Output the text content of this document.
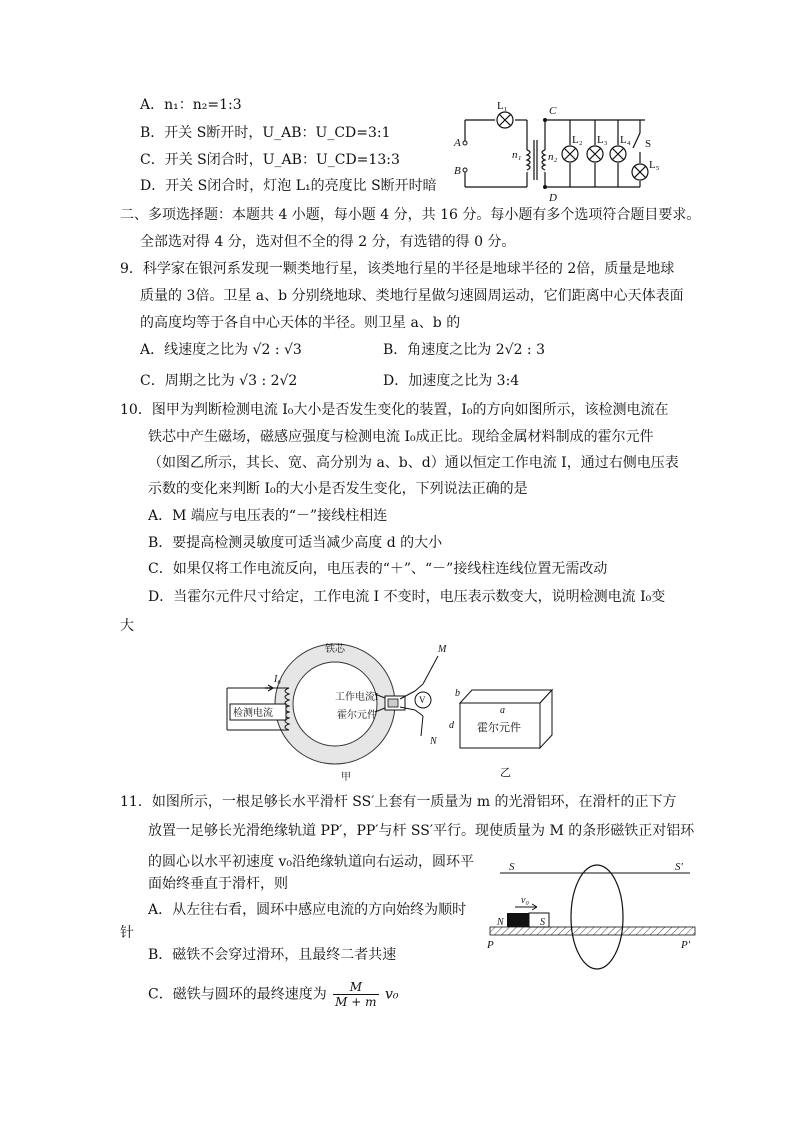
A．n₁：n₂=1:3
B．开关 S断开时，U_AB：U_CD=3:1
C．开关 S闭合时，U_AB：U_CD=13:3
D．开关 S闭合时，灯泡 L₁的亮度比 S断开时暗
L₁
A
B
C
D
n₁ n₂
L₂ L₃ L₄ S
L₅
二、多项选择题：本题共 4 小题，每小题 4 分，共 16 分。每小题有多个选项符合题目要求。
全部选对得 4 分，选对但不全的得 2 分，有选错的得 0 分。
9．科学家在银河系发现一颗类地行星，该类地行星的半径是地球半径的 2倍，质量是地球
质量的 3倍。卫星 a、b 分别绕地球、类地行星做匀速圆周运动，它们距离中心天体表面
的高度均等于各自中心天体的半径。则卫星 a、b 的
A．线速度之比为 √2 : √3	B．角速度之比为 2√2 : 3
C．周期之比为 √3 : 2√2	D．加速度之比为 3:4
10．图甲为判断检测电流 I₀大小是否发生变化的装置，I₀的方向如图所示，该检测电流在
铁芯中产生磁场，磁感应强度与检测电流 I₀成正比。现给金属材料制成的霍尔元件
（如图乙所示，其长、宽、高分别为 a、b、d）通以恒定工作电流 I，通过右侧电压表
示数的变化来判断 I₀的大小是否发生变化，下列说法正确的是
A．M 端应与电压表的“－”接线柱相连
B．要提高检测灵敏度可适当减少高度 d 的大小
C．如果仅将工作电流反向，电压表的“＋”、“－”接线柱连线位置无需改动
D．当霍尔元件尺寸给定，工作电流 I 不变时，电压表示数变大，说明检测电流 I₀变
大
铁芯
I₀
检测电流
工作电流I
霍尔元件
V
M
N
甲
a
b
d 霍尔元件
乙
11．如图所示，一根足够长水平滑杆 SS′上套有一质量为 m 的光滑铝环，在滑杆的正下方
放置一足够长光滑绝缘轨道 PP′，PP′与杆 SS′平行。现使质量为 M 的条形磁铁正对铝环
的圆心以水平初速度 v₀沿绝缘轨道向右运动，圆环平
面始终垂直于滑杆，则
A．从左往右看，圆环中感应电流的方向始终为顺时
针
B．磁铁不会穿过滑环，且最终二者共速
C．磁铁与圆环的最终速度为 $\frac{M}{M + m} v_0$
S	S′
P	P′
N	S
v₀
